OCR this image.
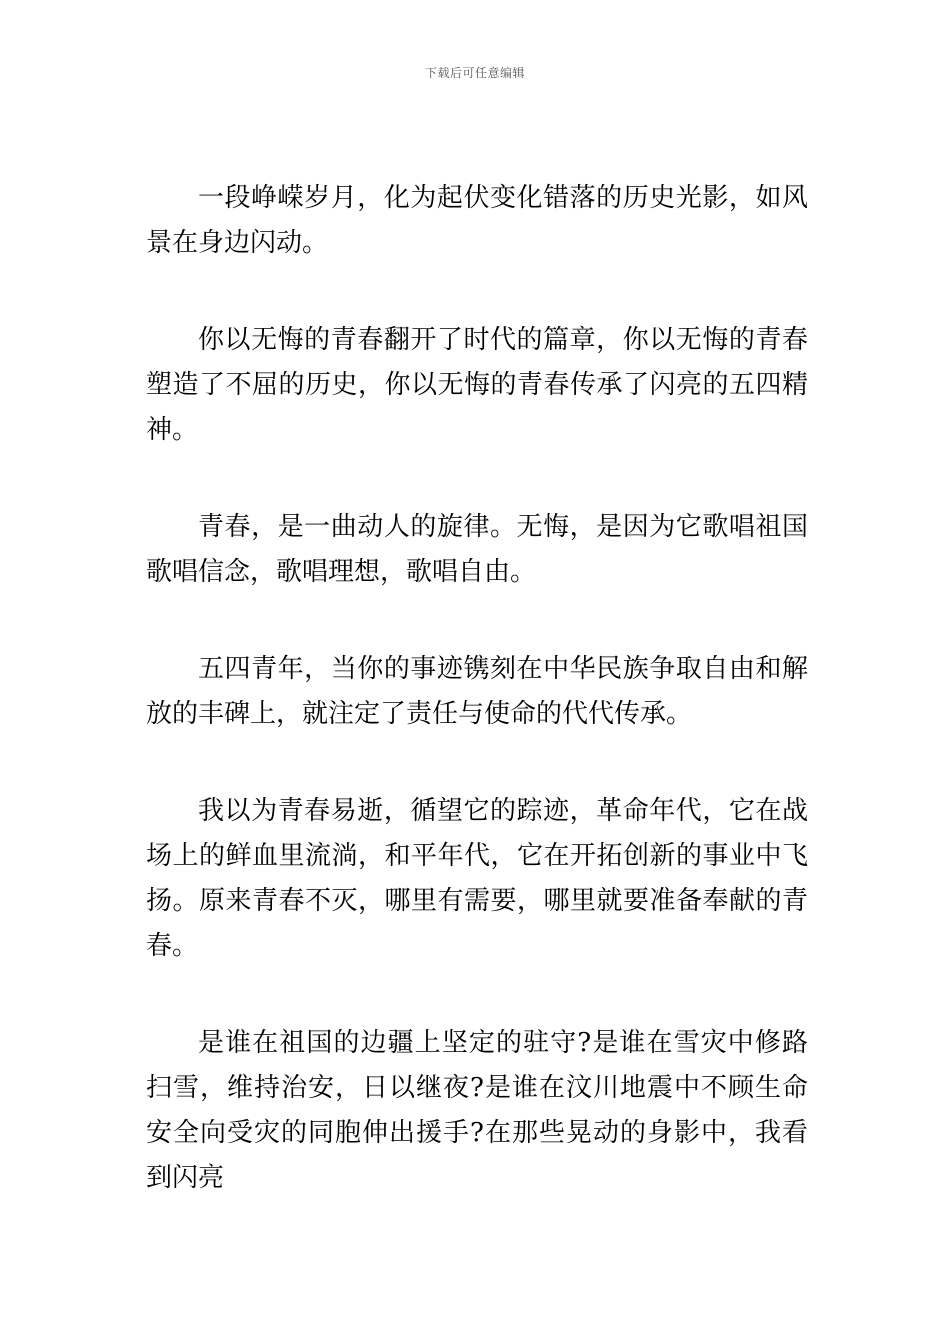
下载后可任意编辑

一段峥嵘岁月，化为起伏变化错落的历史光影，如风景在身边闪动。

你以无悔的青春翻开了时代的篇章，你以无悔的青春塑造了不屈的历史，你以无悔的青春传承了闪亮的五四精神。

青春，是一曲动人的旋律。无悔，是因为它歌唱祖国歌唱信念，歌唱理想，歌唱自由。

五四青年，当你的事迹镌刻在中华民族争取自由和解放的丰碑上，就注定了责任与使命的代代传承。

我以为青春易逝，循望它的踪迹，革命年代，它在战场上的鲜血里流淌，和平年代，它在开拓创新的事业中飞扬。原来青春不灭，哪里有需要，哪里就要准备奉献的青春。

是谁在祖国的边疆上坚定的驻守?是谁在雪灾中修路扫雪，维持治安，日以继夜?是谁在汶川地震中不顾生命安全向受灾的同胞伸出援手?在那些晃动的身影中，我看到闪亮
